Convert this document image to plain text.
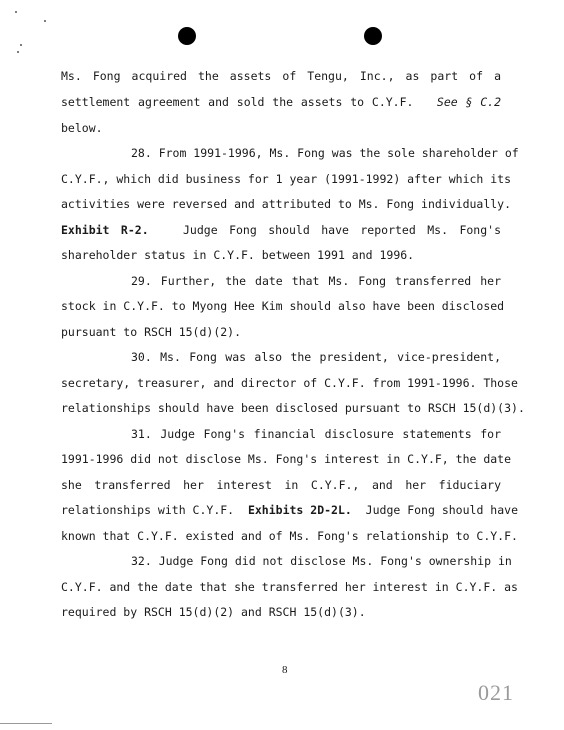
Ms. Fong acquired the assets of Tengu, Inc., as part of a
settlement agreement and sold the assets to C.Y.F. See § C.2
below.
28. From 1991-1996, Ms. Fong was the sole shareholder of
C.Y.F., which did business for 1 year (1991-1992) after which its
activities were reversed and attributed to Ms. Fong individually.
Exhibit R-2.	Judge Fong should have reported Ms. Fong's
shareholder status in C.Y.F. between 1991 and 1996.
29. Further, the date that Ms. Fong transferred her
stock in C.Y.F. to Myong Hee Kim should also have been disclosed
pursuant to RSCH 15(d)(2).
30. Ms. Fong was also the president, vice-president,
secretary, treasurer, and director of C.Y.F. from 1991-1996. Those
relationships should have been disclosed pursuant to RSCH 15(d)(3).
31. Judge Fong's financial disclosure statements for
1991-1996 did not disclose Ms. Fong's interest in C.Y.F, the date
she transferred her interest in C.Y.F., and her fiduciary
relationships with C.Y.F. Exhibits 2D-2L. Judge Fong should have
known that C.Y.F. existed and of Ms. Fong's relationship to C.Y.F.
32. Judge Fong did not disclose Ms. Fong's ownership in
C.Y.F. and the date that she transferred her interest in C.Y.F. as
required by RSCH 15(d)(2) and RSCH 15(d)(3).
8
021
